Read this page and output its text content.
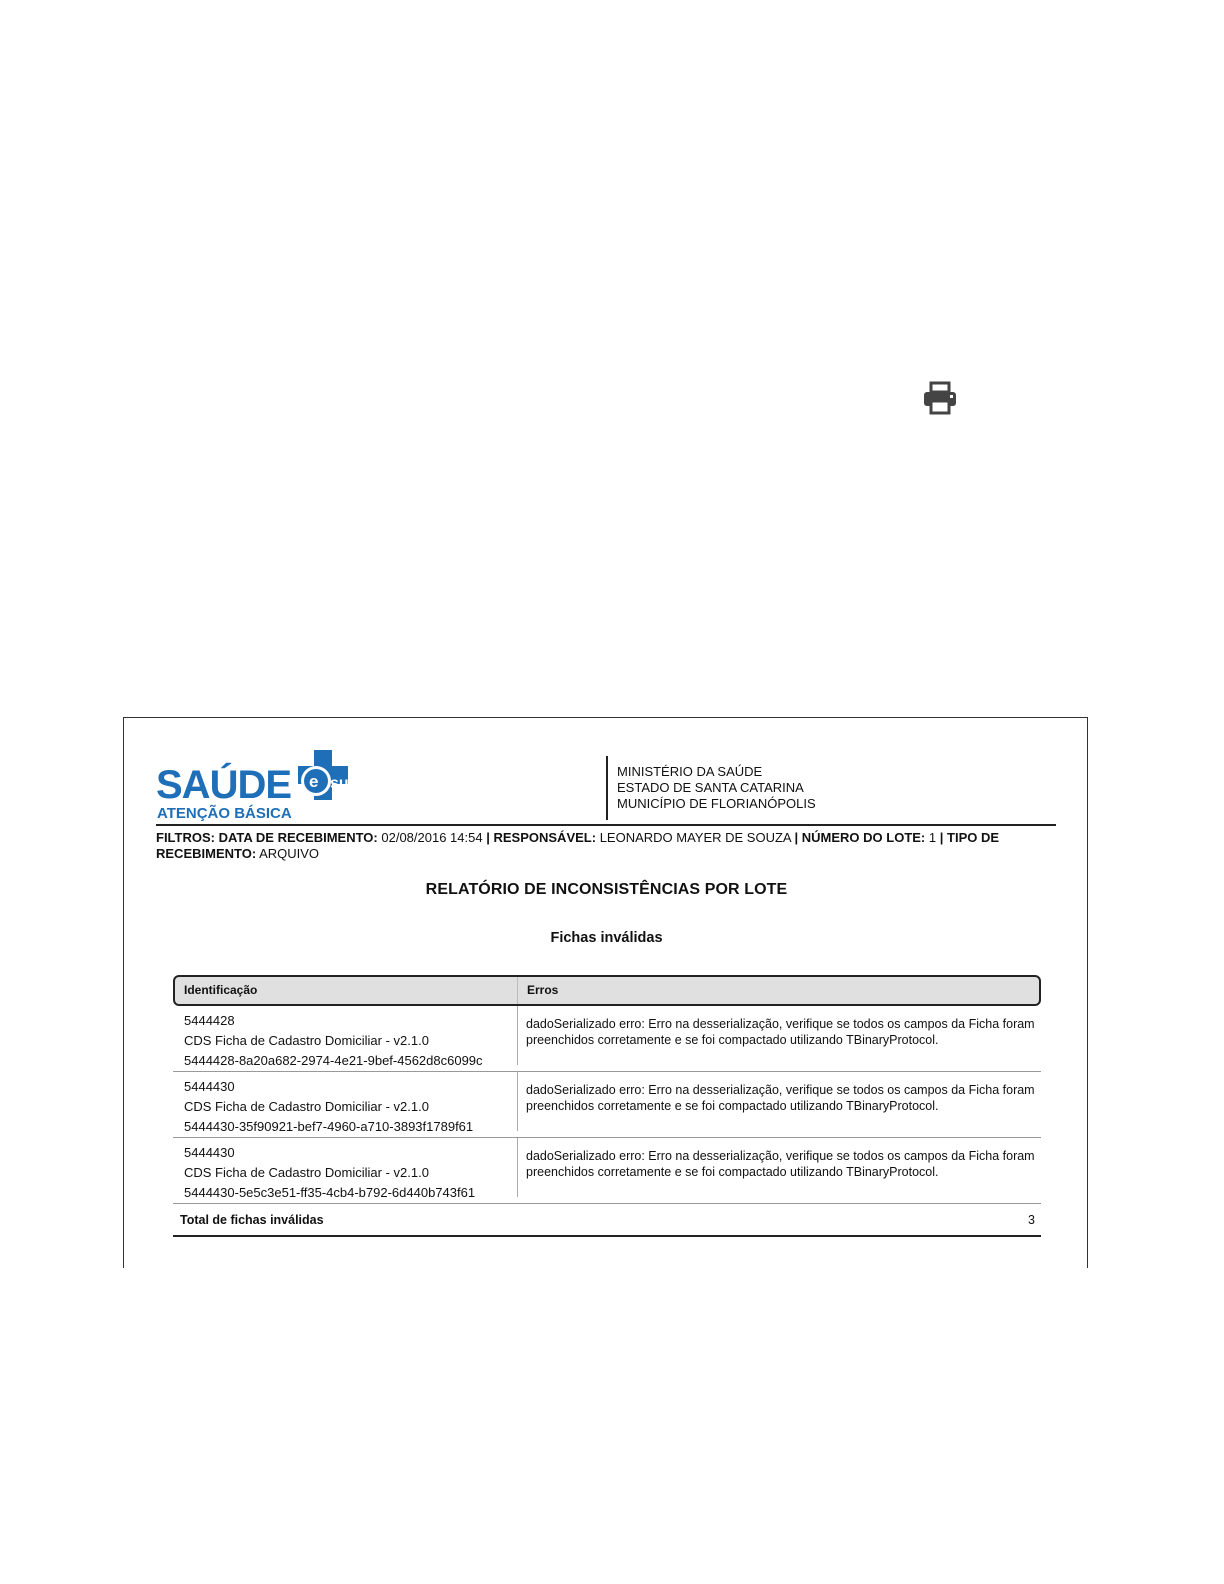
e
SAÚDE sus
ATENÇÃO BÁSICA
MINISTÉRIO DA SAÚDE
ESTADO DE SANTA CATARINA
MUNICÍPIO DE FLORIANÓPOLIS
FILTROS: DATA DE RECEBIMENTO: 02/08/2016 14:54 | RESPONSÁVEL: LEONARDO MAYER DE SOUZA | NÚMERO DO LOTE: 1 | TIPO DE RECEBIMENTO: ARQUIVO
RELATÓRIO DE INCONSISTÊNCIAS POR LOTE
Fichas inválidas
Identificação	Erros
5444428
CDS Ficha de Cadastro Domiciliar - v2.1.0
5444428-8a20a682-2974-4e21-9bef-4562d8c6099c
dadoSerializado erro: Erro na desserialização, verifique se todos os campos da Ficha foram preenchidos corretamente e se foi compactado utilizando TBinaryProtocol.
5444430
CDS Ficha de Cadastro Domiciliar - v2.1.0
5444430-35f90921-bef7-4960-a710-3893f1789f61
dadoSerializado erro: Erro na desserialização, verifique se todos os campos da Ficha foram preenchidos corretamente e se foi compactado utilizando TBinaryProtocol.
5444430
CDS Ficha de Cadastro Domiciliar - v2.1.0
5444430-5e5c3e51-ff35-4cb4-b792-6d440b743f61
dadoSerializado erro: Erro na desserialização, verifique se todos os campos da Ficha foram preenchidos corretamente e se foi compactado utilizando TBinaryProtocol.
Total de fichas inválidas	3
